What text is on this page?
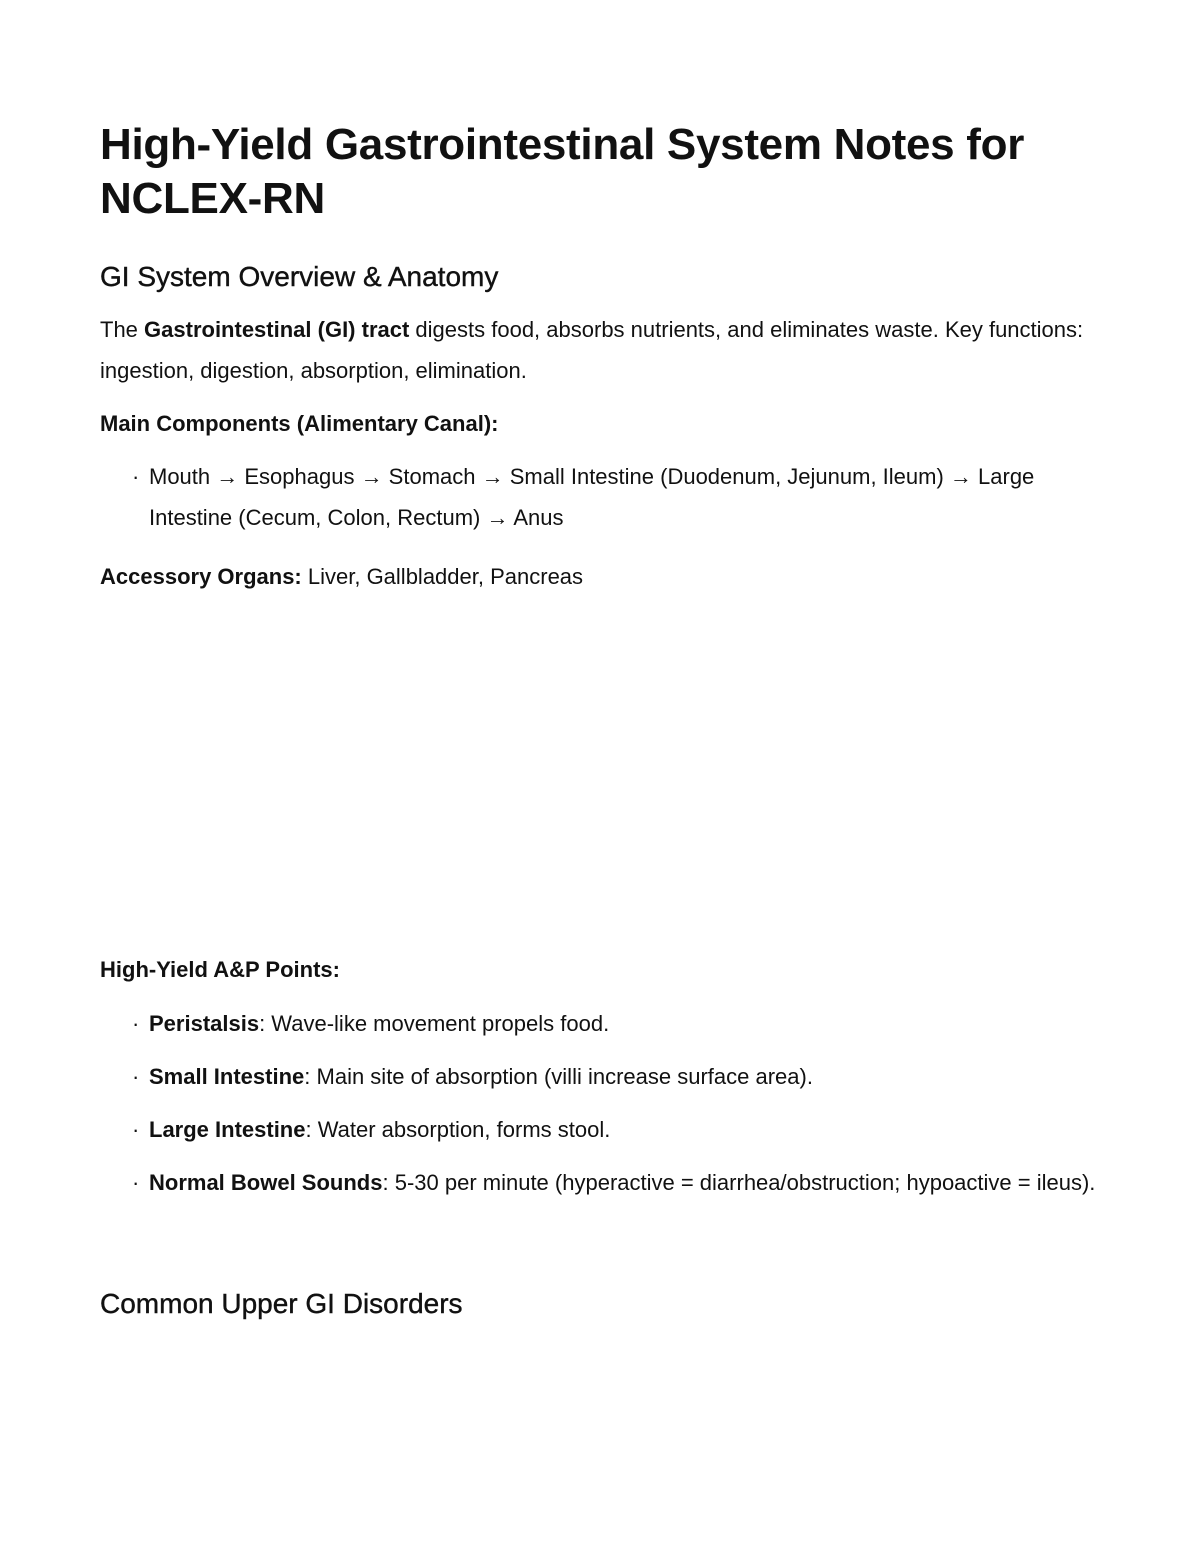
High-Yield Gastrointestinal System Notes for NCLEX-RN
GI System Overview & Anatomy

The Gastrointestinal (GI) tract digests food, absorbs nutrients, and eliminates waste. Key functions: ingestion, digestion, absorption, elimination.

Main Components (Alimentary Canal):

· Mouth → Esophagus → Stomach → Small Intestine (Duodenum, Jejunum, Ileum) → Large Intestine (Cecum, Colon, Rectum) → Anus

Accessory Organs: Liver, Gallbladder, Pancreas

High-Yield A&P Points:

· Peristalsis: Wave-like movement propels food.
· Small Intestine: Main site of absorption (villi increase surface area).
· Large Intestine: Water absorption, forms stool.
· Normal Bowel Sounds: 5-30 per minute (hyperactive = diarrhea/obstruction; hypoactive = ileus).
Common Upper GI Disorders
